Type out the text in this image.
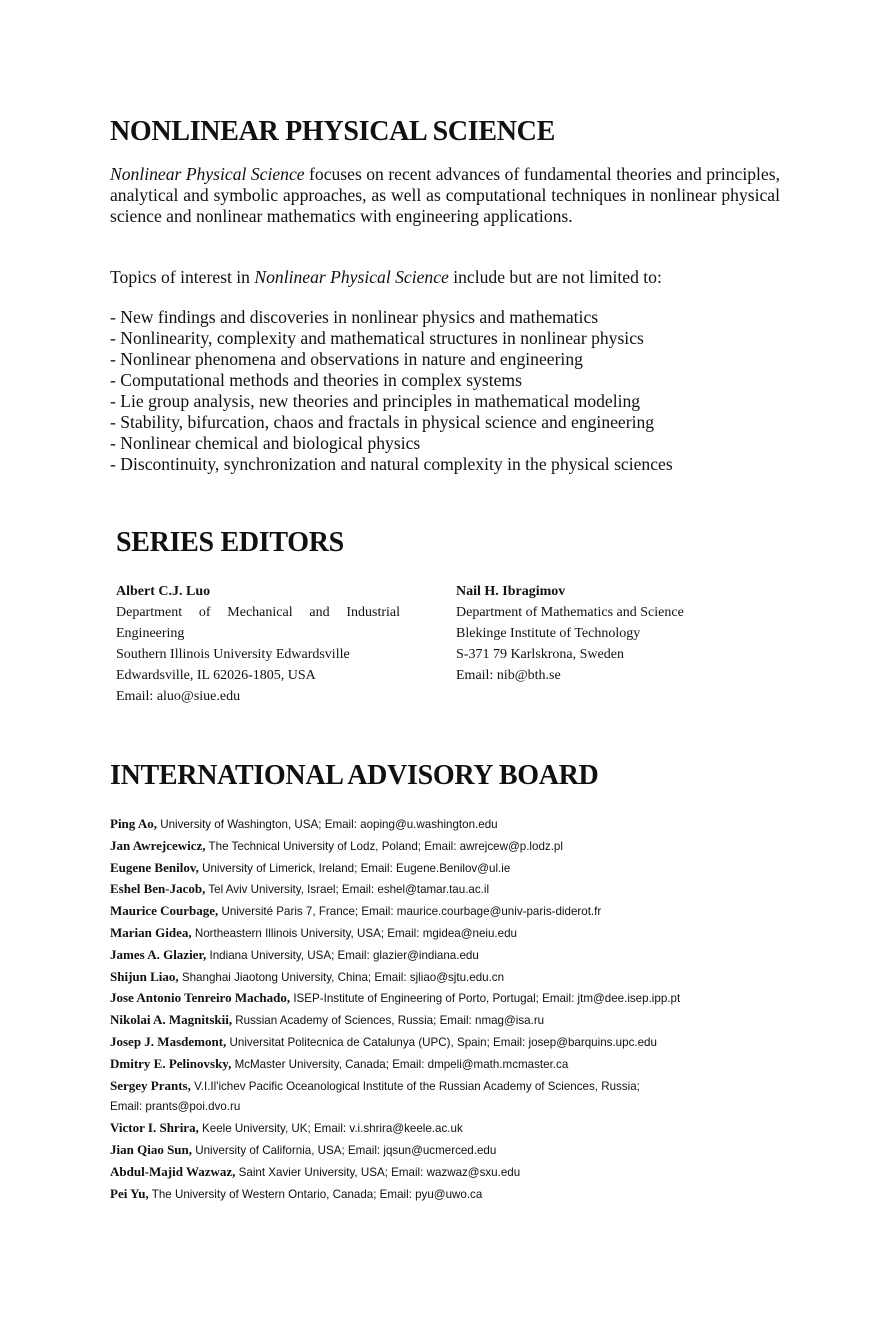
NONLINEAR PHYSICAL SCIENCE

Nonlinear Physical Science focuses on recent advances of fundamental theories and principles, analytical and symbolic approaches, as well as computational techniques in nonlinear physical science and nonlinear mathematics with engineering applications.

Topics of interest in Nonlinear Physical Science include but are not limited to:

- New findings and discoveries in nonlinear physics and mathematics
- Nonlinearity, complexity and mathematical structures in nonlinear physics
- Nonlinear phenomena and observations in nature and engineering
- Computational methods and theories in complex systems
- Lie group analysis, new theories and principles in mathematical modeling
- Stability, bifurcation, chaos and fractals in physical science and engineering
- Nonlinear chemical and biological physics
- Discontinuity, synchronization and natural complexity in the physical sciences
SERIES EDITORS
Albert C.J. Luo
Department of Mechanical and Industrial
Engineering
Southern Illinois University Edwardsville
Edwardsville, IL 62026-1805, USA
Email: aluo@siue.edu
Nail H. Ibragimov
Department of Mathematics and Science
Blekinge Institute of Technology
S-371 79 Karlskrona, Sweden
Email: nib@bth.se
INTERNATIONAL ADVISORY BOARD
Ping Ao, University of Washington, USA; Email: aoping@u.washington.edu
Jan Awrejcewicz, The Technical University of Lodz, Poland; Email: awrejcew@p.lodz.pl
Eugene Benilov, University of Limerick, Ireland; Email: Eugene.Benilov@ul.ie
Eshel Ben-Jacob, Tel Aviv University, Israel; Email: eshel@tamar.tau.ac.il
Maurice Courbage, Université Paris 7, France; Email: maurice.courbage@univ-paris-diderot.fr
Marian Gidea, Northeastern Illinois University, USA; Email: mgidea@neiu.edu
James A. Glazier, Indiana University, USA; Email: glazier@indiana.edu
Shijun Liao, Shanghai Jiaotong University, China; Email: sjliao@sjtu.edu.cn
Jose Antonio Tenreiro Machado, ISEP-Institute of Engineering of Porto, Portugal; Email: jtm@dee.isep.ipp.pt
Nikolai A. Magnitskii, Russian Academy of Sciences, Russia; Email: nmag@isa.ru
Josep J. Masdemont, Universitat Politecnica de Catalunya (UPC), Spain; Email: josep@barquins.upc.edu
Dmitry E. Pelinovsky, McMaster University, Canada; Email: dmpeli@math.mcmaster.ca
Sergey Prants, V.I.Il'ichev Pacific Oceanological Institute of the Russian Academy of Sciences, Russia;
Email: prants@poi.dvo.ru
Victor I. Shrira, Keele University, UK; Email: v.i.shrira@keele.ac.uk
Jian Qiao Sun, University of California, USA; Email: jqsun@ucmerced.edu
Abdul-Majid Wazwaz, Saint Xavier University, USA; Email: wazwaz@sxu.edu
Pei Yu, The University of Western Ontario, Canada; Email: pyu@uwo.ca
